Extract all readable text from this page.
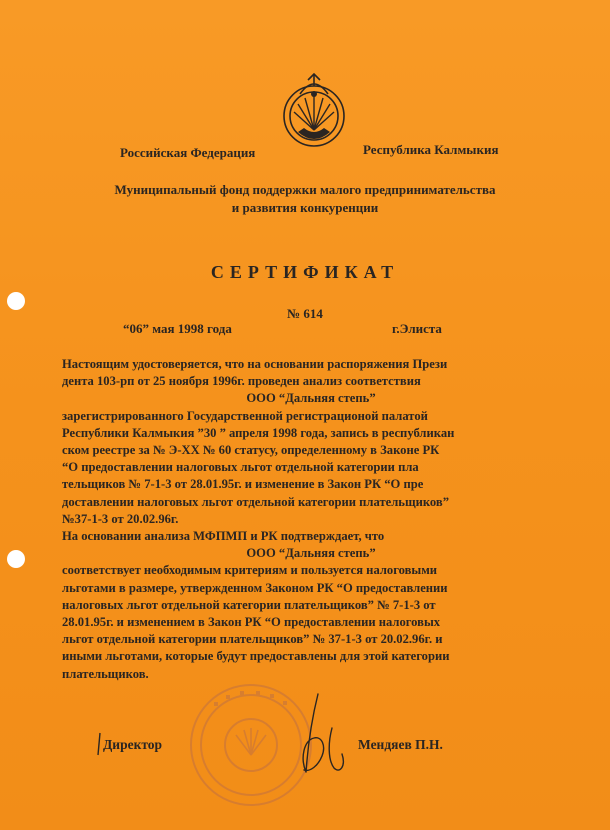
Российская Федерация	Республика Калмыкия
Муниципальный фонд поддержки малого предпринимательства
и развития конкуренции
СЕРТИФИКАТ
№ 614
“06” мая 1998 года	г.Элиста
Настоящим удостоверяется, что на основании распоряжения Прези
дента 103-рп от 25 ноября 1996г. проведен анализ соответствия
ООО “Дальняя степь”
зарегистрированного Государственной регистрационой палатой
Республики Калмыкия ”30 ” апреля 1998 года, запись в республикан
ском реестре за № Э-XX № 60 статусу, определенному в Законе РК
“О предоставлении налоговых льгот отдельной категории пла
тельщиков № 7-1-3 от 28.01.95г. и изменение в Закон РК “О пре
доставлении налоговых льгот отдельной категории плательщиков”
№37-1-3 от 20.02.96г.
На основании анализа МФПМП и РК подтверждает, что
ООО “Дальняя степь”
соответствует необходимым критериям и пользуется налоговыми
льготами в размере, утвержденном Законом РК “О предоставлении
налоговых льгот отдельной категории плательщиков” № 7-1-3 от
28.01.95г. и изменением в Закон РК “О предоставлении налоговых
льгот отдельной категории плательщиков” № 37-1-3 от 20.02.96г. и
иными льготами, которые будут предоставлены для этой категории
плательщиков.
Директор	Мендяев П.Н.
